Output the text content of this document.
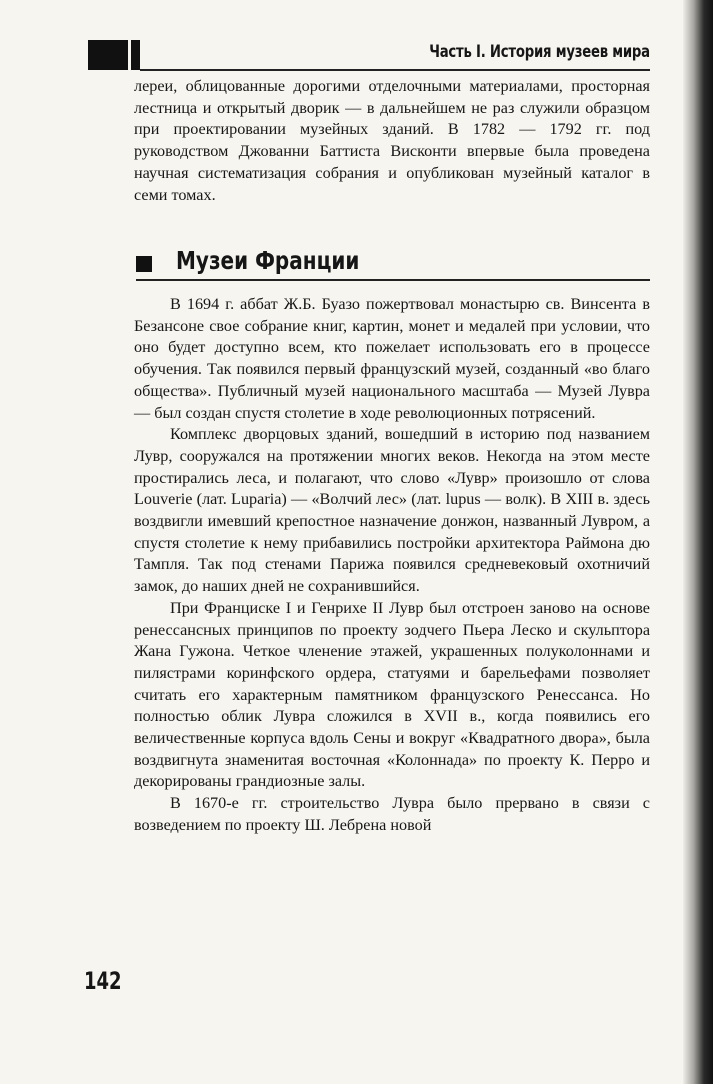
Часть I. История музеев мира

лереи, облицованные дорогими отделочными материалами, просторная лестница и открытый дворик — в дальнейшем не раз служили образцом при проектировании музейных зданий. В 1782 — 1792 гг. под руководством Джованни Баттиста Висконти впервые была проведена научная систематизация собрания и опубликован музейный каталог в семи томах.

Музеи Франции

В 1694 г. аббат Ж.Б. Буазо пожертвовал монастырю св. Винсента в Безансоне свое собрание книг, картин, монет и медалей при условии, что оно будет доступно всем, кто пожелает использовать его в процессе обучения. Так появился первый французский музей, созданный «во благо общества». Публичный музей национального масштаба — Музей Лувра — был создан спустя столетие в ходе революционных потрясений.

Комплекс дворцовых зданий, вошедший в историю под названием Лувр, сооружался на протяжении многих веков. Некогда на этом месте простирались леса, и полагают, что слово «Лувр» произошло от слова Louverie (лат. Luparia) — «Волчий лес» (лат. lupus — волк). В XIII в. здесь воздвигли имевший крепостное назначение донжон, названный Лувром, а спустя столетие к нему прибавились постройки архитектора Раймона дю Тампля. Так под стенами Парижа появился средневековый охотничий замок, до наших дней не сохранившийся.

При Франциске I и Генрихе II Лувр был отстроен заново на основе ренессансных принципов по проекту зодчего Пьера Леско и скульптора Жана Гужона. Четкое членение этажей, украшенных полуколоннами и пилястрами коринфского ордера, статуями и барельефами позволяет считать его характерным памятником французского Ренессанса. Но полностью облик Лувра сложился в XVII в., когда появились его величественные корпуса вдоль Сены и вокруг «Квадратного двора», была воздвигнута знаменитая восточная «Колоннада» по проекту К. Перро и декорированы грандиозные залы.

В 1670-е гг. строительство Лувра было прервано в связи с возведением по проекту Ш. Лебрена новой

142
